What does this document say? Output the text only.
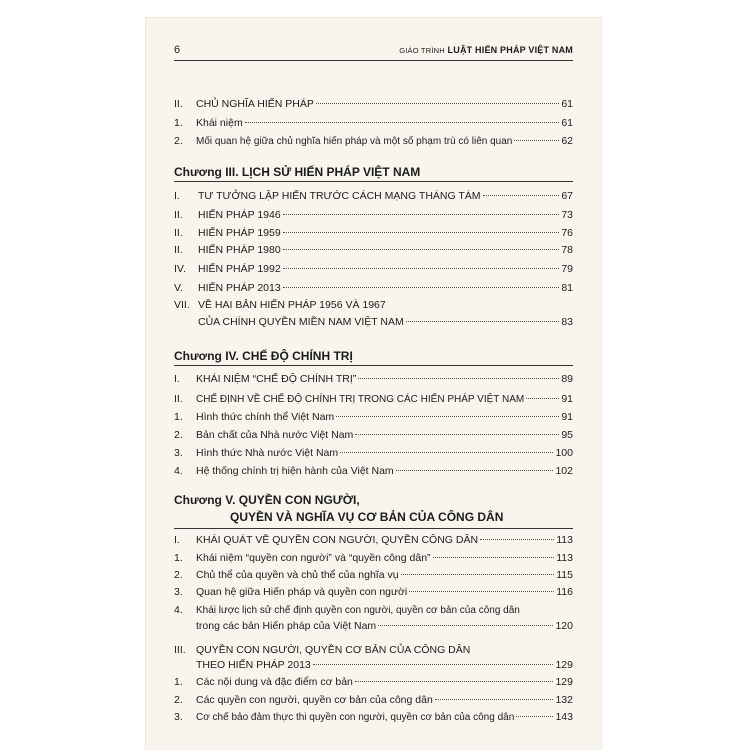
6	GIÁO TRÌNH LUẬT HIẾN PHÁP VIỆT NAM
II.	CHỦ NGHĨA HIẾN PHÁP	61
1.	Khái niệm	61
2.	Mối quan hệ giữa chủ nghĩa hiến pháp và một số phạm trù có liên quan	62
Chương III. LỊCH SỬ HIẾN PHÁP VIỆT NAM
I.	TƯ TƯỞNG LẬP HIẾN TRƯỚC CÁCH MẠNG THÁNG TÁM	67
II.	HIẾN PHÁP 1946	73
II.	HIẾN PHÁP 1959	76
II.	HIẾN PHÁP 1980	78
IV.	HIẾN PHÁP 1992	79
V.	HIẾN PHÁP 2013	81
VII. VỀ HAI BẢN HIẾN PHÁP 1956 VÀ 1967
CỦA CHÍNH QUYỀN MIỀN NAM VIỆT NAM	83
Chương IV. CHẾ ĐỘ CHÍNH TRỊ
I.	KHÁI NIỆM “CHẾ ĐỘ CHÍNH TRỊ”	89
II.	CHẾ ĐỊNH VỀ CHẾ ĐỘ CHÍNH TRỊ TRONG CÁC HIẾN PHÁP VIỆT NAM	91
1.	Hình thức chính thể Việt Nam	91
2.	Bản chất của Nhà nước Việt Nam	95
3.	Hình thức Nhà nước Việt Nam	100
4.	Hệ thống chính trị hiện hành của Việt Nam	102
Chương V. QUYỀN CON NGƯỜI,
QUYỀN VÀ NGHĨA VỤ CƠ BẢN CỦA CÔNG DÂN
I.	KHÁI QUÁT VỀ QUYỀN CON NGƯỜI, QUYỀN CÔNG DÂN	113
1.	Khái niệm “quyền con người” và “quyền công dân”	113
2.	Chủ thể của quyền và chủ thể của nghĩa vụ	115
3.	Quan hệ giữa Hiến pháp và quyền con người	116
4.	Khái lược lịch sử chế định quyền con người, quyền cơ bản của công dân
trong các bản Hiến pháp của Việt Nam	120
III. QUYỀN CON NGƯỜI, QUYỀN CƠ BẢN CỦA CÔNG DÂN
THEO HIẾN PHÁP 2013	129
1.	Các nội dung và đặc điểm cơ bản	129
2.	Các quyền con người, quyền cơ bản của công dân	132
3.	Cơ chế bảo đảm thực thi quyền con người, quyền cơ bản của công dân	143
